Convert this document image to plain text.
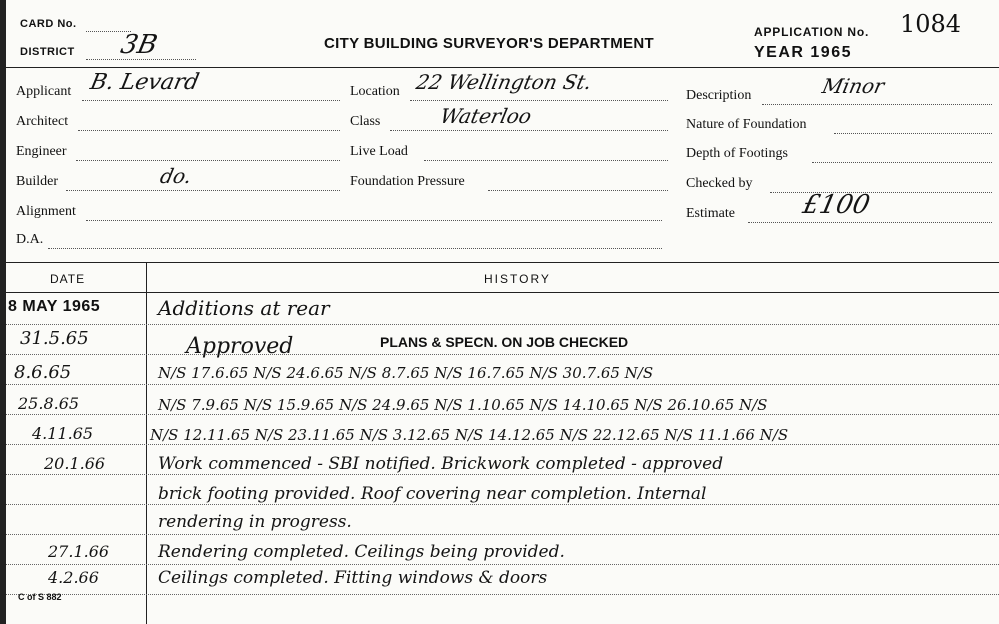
CARD No.
DISTRICT 3B	CITY BUILDING SURVEYOR'S DEPARTMENT
APPLICATION No. 1084
YEAR 1965
Applicant B. Levard
Architect
Engineer
Builder	do.
Alignment
D.A.
Location 22 Wellington St.
Class	Waterloo
Live Load
Foundation Pressure
Description	Minor
Nature of Foundation
Depth of Footings
Checked by
Estimate	£100
DATE	HISTORY
8 MAY 1965	Additions at rear
31.5.65	Approved	PLANS & SPECN. ON JOB CHECKED
8.6.65	N/S 17.6.65 N/S 24.6.65 N/S 8.7.65 N/S 16.7.65 N/S 30.7.65 N/S
25.8.65	N/S 7.9.65 N/S 15.9.65 N/S 24.9.65 N/S 1.10.65 N/S 14.10.65 N/S 26.10.65 N/S
4.11.65	N/S 12.11.65 N/S 23.11.65 N/S 3.12.65 N/S 14.12.65 N/S 22.12.65 N/S 11.1.66 N/S
20.1.66	Work commenced - SBI notified. Brickwork completed - approved
brick footing provided. Roof covering near completion. Internal
rendering in progress.
27.1.66	Rendering completed. Ceilings being provided.
4.2.66	Ceilings completed. Fitting windows & doors
C of S 882
